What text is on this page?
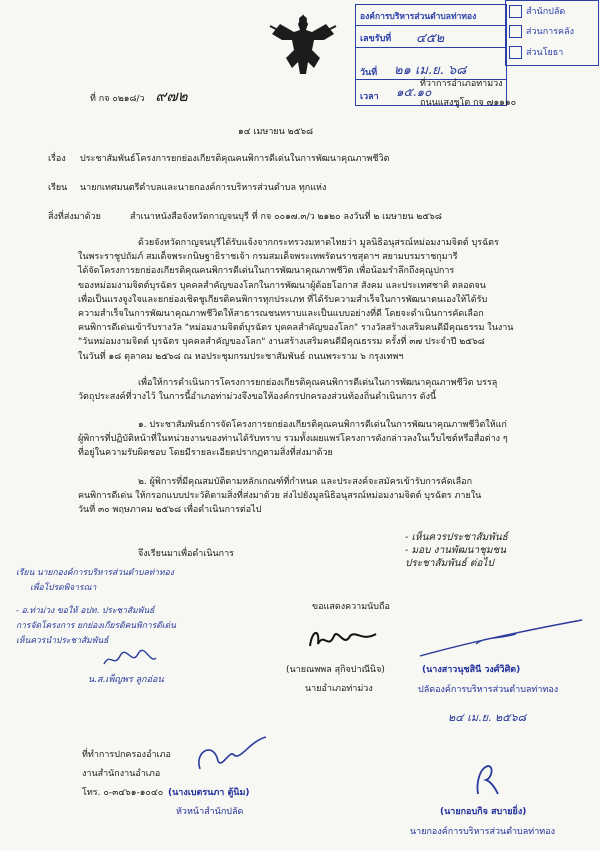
องค์การบริหารส่วนตำบลท่าทอง
เลขรับที่ ๔๕๒
วันที่ ๒๑ เม.ย. ๖๘
เวลา ๑๕.๑๐
สำนักปลัด
ส่วนการคลัง
ส่วนโยธา
ที่ กจ ๐๒๑๘/ว ๙๗๒
ที่ว่าการอำเภอท่าม่วง
ถนนแสงชูโต กจ ๗๑๑๑๐
๑๔ เมษายน ๒๕๖๘
เรื่อง ประชาสัมพันธ์โครงการยกย่องเกียรติคุณคนพิการดีเด่นในการพัฒนาคุณภาพชีวิต
เรียน นายกเทศมนตรีตำบลและนายกองค์การบริหารส่วนตำบล ทุกแห่ง
สิ่งที่ส่งมาด้วย	สำเนาหนังสือจังหวัดกาญจนบุรี ที่ กจ ๐๐๑๗.๓/ว ๒๑๒๐ ลงวันที่ ๒ เมษายน ๒๕๖๘
ด้วยจังหวัดกาญจนบุรีได้รับแจ้งจากกระทรวงมหาดไทยว่า มูลนิธิอนุสรณ์หม่อมงามจิตต์ บุรฉัตร
ในพระราชูปถัมภ์ สมเด็จพระกนิษฐาธิราชเจ้า กรมสมเด็จพระเทพรัตนราชสุดาฯ สยามบรมราชกุมารี
ได้จัดโครงการยกย่องเกียรติคุณคนพิการดีเด่นในการพัฒนาคุณภาพชีวิต เพื่อน้อมรำลึกถึงคุณูปการ
ของหม่อมงามจิตต์บุรฉัตร บุคคลสำคัญของโลกในการพัฒนาผู้ด้อยโอกาส สังคม และประเทศชาติ ตลอดจน
เพื่อเป็นแรงจูงใจและยกย่องเชิดชูเกียรติคนพิการทุกประเภท ที่ได้รับความสำเร็จในการพัฒนาตนเองให้ได้รับ
ความสำเร็จในการพัฒนาคุณภาพชีวิตให้สาธารณชนทราบและเป็นแบบอย่างที่ดี โดยจะดำเนินการคัดเลือก
คนพิการดีเด่นเข้ารับรางวัล "หม่อมงามจิตต์บุรฉัตร บุคคลสำคัญของโลก" รางวัลสร้างเสริมคนดีมีคุณธรรม ในงาน
"วันหม่อมงามจิตต์ บุรฉัตร บุคคลสำคัญของโลก" งานสร้างเสริมคนดีมีคุณธรรม ครั้งที่ ๓๗ ประจำปี ๒๕๖๘
ในวันที่ ๑๘ ตุลาคม ๒๕๖๘ ณ หอประชุมกรมประชาสัมพันธ์ ถนนพระราม ๖ กรุงเทพฯ
เพื่อให้การดำเนินการโครงการยกย่องเกียรติคุณคนพิการดีเด่นในการพัฒนาคุณภาพชีวิต บรรลุ
วัตถุประสงค์ที่วางไว้ ในการนี้อำเภอท่าม่วงจึงขอให้องค์กรปกครองส่วนท้องถิ่นดำเนินการ ดังนี้
๑. ประชาสัมพันธ์การจัดโครงการยกย่องเกียรติคุณคนพิการดีเด่นในการพัฒนาคุณภาพชีวิตให้แก่
ผู้พิการที่ปฏิบัติหน้าที่ในหน่วยงานของท่านได้รับทราบ รวมทั้งเผยแพร่โครงการดังกล่าวลงในเว็บไซต์หรือสื่อต่าง ๆ
ที่อยู่ในความรับผิดชอบ โดยมีรายละเอียดปรากฏตามสิ่งที่ส่งมาด้วย
๒. ผู้พิการที่มีคุณสมบัติตามหลักเกณฑ์ที่กำหนด และประสงค์จะสมัครเข้ารับการคัดเลือก
คนพิการดีเด่น ให้กรอกแบบประวัติตามสิ่งที่ส่งมาด้วย ส่งไปยังมูลนิธิอนุสรณ์หม่อมงามจิตต์ บุรฉัตร ภายใน
วันที่ ๓๐ พฤษภาคม ๒๕๖๘ เพื่อดำเนินการต่อไป
- เห็นควรประชาสัมพันธ์
- มอบ งานพัฒนาชุมชน
ประชาสัมพันธ์ ต่อไป
จึงเรียนมาเพื่อดำเนินการ
เรียน นายกองค์การบริหารส่วนตำบลท่าทอง
เพื่อโปรดพิจารณา
- อ.ท่าม่วง ขอให้ อปท. ประชาสัมพันธ์
การจัดโครงการ ยกย่องเกียรติคนพิการดีเด่น
เห็นควรนำประชาสัมพันธ์
น.ส.เพ็ญพร ลูกอ่อน
ขอแสดงความนับถือ
(นายณพพล สุกิจปาณีนิจ)
นายอำเภอท่าม่วง
(นางสาวนุชสินี วงศ์วิศิต)
ปลัดองค์การบริหารส่วนตำบลท่าทอง
๒๔ เม.ย. ๒๕๖๘
ที่ทำการปกครองอำเภอ
งานสำนักงานอำเภอ
โทร. ๐-๓๔๖๑-๑๐๔๐ (นางเบตรนภา ตู้นิม)
หัวหน้าสำนักปลัด	(นายกอบกิจ สบายยิ่ง)
นายกองค์การบริหารส่วนตำบลท่าทอง
